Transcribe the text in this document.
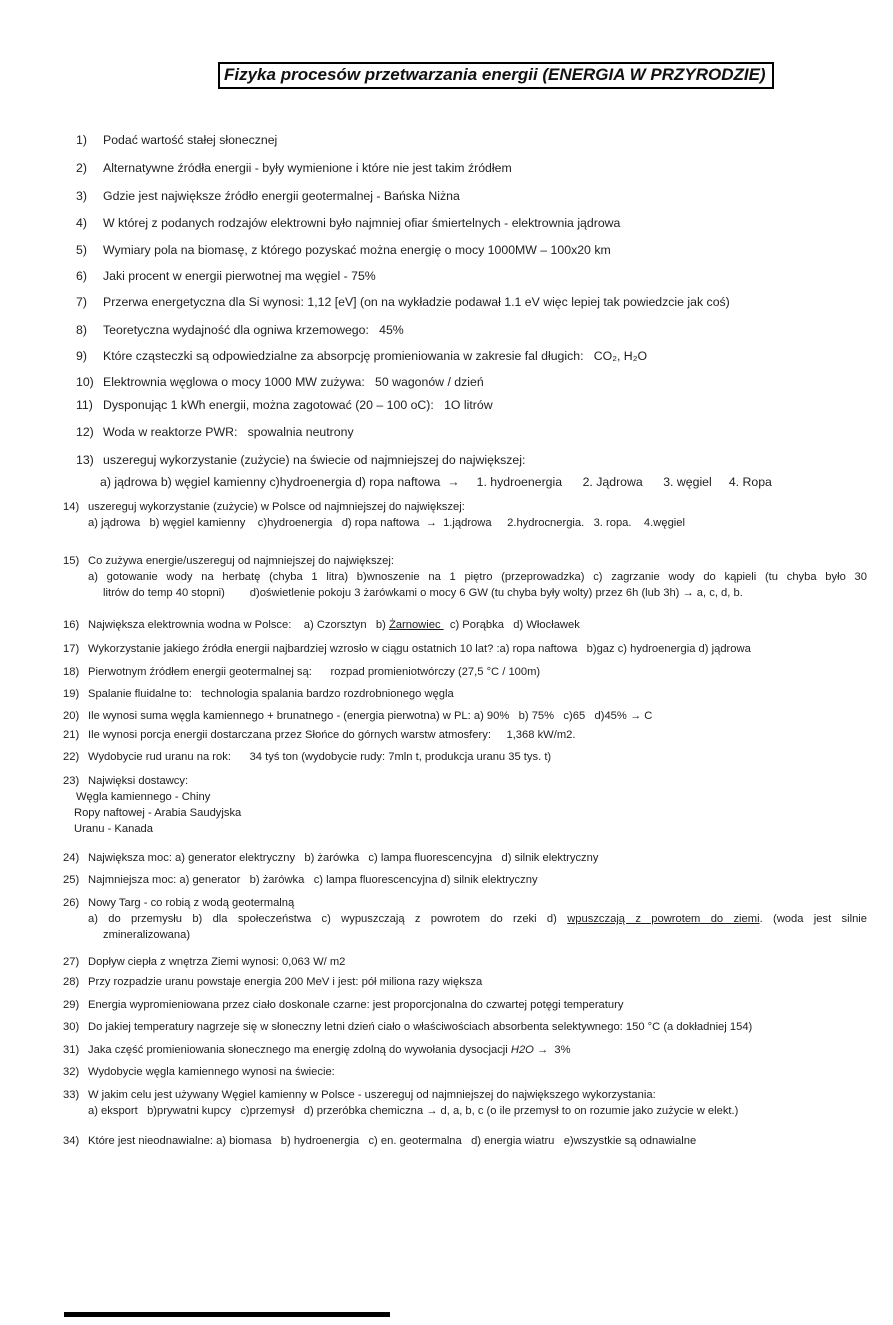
Fizyka procesów przetwarzania energii (ENERGIA W PRZYRODZIE)
1) Podać wartość stałej słonecznej
2) Alternatywne źródła energii - były wymienione i które nie jest takim źródłem
3) Gdzie jest największe źródło energii geotermalnej - Bańska Niżna
4) W której z podanych rodzajów elektrowni było najmniej ofiar śmiertelnych - elektrownia jądrowa
5) Wymiary pola na biomasę, z którego pozyskać można energię o mocy 1000MW – 100x20 km
6) Jaki procent w energii pierwotnej ma węgiel - 75%
7) Przerwa energetyczna dla Si wynosi: 1,12 [eV] (on na wykładzie podawał 1.1 eV więc lepiej tak powiedzcie jak coś)
8) Teoretyczna wydajność dla ogniwa krzemowego:   45%
9) Które cząsteczki są odpowiedzialne za absorpcję promieniowania w zakresie fal długich:   CO₂, H₂O
10) Elektrownia węglowa o mocy 1000 MW zużywa:   50 wagonów / dzień
11) Dysponując 1 kWh energii, można zagotować (20 – 100 oC):   1O litrów
12) Woda w reaktorze PWR:   spowalnia neutrony
13) uszereguj wykorzystanie (zużycie) na świecie od najmniejszej do największej:
a) jądrowa b) węgiel kamienny c)hydroenergia d) ropa naftowa  →     1. hydroenergia      2. Jądrowa      3. węgiel     4. Ropa
14) uszereguj wykorzystanie (zużycie) w Polsce od najmniejszej do największej:
a) jądrowa   b) węgiel kamienny    c)hydroenergia   d) ropa naftowa  →  1.jądrowa     2.hydrocnergia.   3. ropa.    4.węgiel
15) Co zużywa energie/uszereguj od najmniejszej do największej:
a) gotowanie wody na herbatę (chyba 1 litra) b)wnoszenie na 1 piętro (przeprowadzka) c) zagrzanie wody do kąpieli (tu chyba było 30
litrów do temp 40 stopni)        d)oświetlenie pokoju 3 żarówkami o mocy 6 GW (tu chyba były wolty) przez 6h (lub 3h) → a, c, d, b.
16) Największa elektrownia wodna w Polsce:    a) Czorsztyn   b) Żarnowiec   c) Porąbka   d) Włocławek
17) Wykorzystanie jakiego źródła energii najbardziej wzrosło w ciągu ostatnich 10 lat? :a) ropa naftowa   b)gaz c) hydroenergia d) jądrowa
18) Pierwotnym źródłem energii geotermalnej są:      rozpad promieniotwórczy (27,5 °C / 100m)
19) Spalanie fluidalne to:   technologia spalania bardzo rozdrobnionego węgla
20) Ile wynosi suma węgla kamiennego + brunatnego - (energia pierwotna) w PL: a) 90%   b) 75%   c)65   d)45% → C
21) Ile wynosi porcja energii dostarczana przez Słońce do górnych warstw atmosfery:     1,368 kW/m2.
22) Wydobycie rud uranu na rok:      34 tyś ton (wydobycie rudy: 7mln t, produkcja uranu 35 tys. t)
23) Najwięksi dostawcy:
Węgla kamiennego - Chiny
Ropy naftowej - Arabia Saudyjska
Uranu - Kanada
24) Największa moc: a) generator elektryczny   b) żarówka   c) lampa fluorescencyjna   d) silnik elektryczny
25) Najmniejsza moc: a) generator   b) żarówka   c) lampa fluorescencyjna d) silnik elektryczny
26) Nowy Targ - co robią z wodą geotermalną
a) do przemysłu b) dla społeczeństwa c) wypuszczają z powrotem do rzeki d) wpuszczają z powrotem do ziemi. (woda jest silnie
zmineralizowana)
27) Dopływ ciepła z wnętrza Ziemi wynosi: 0,063 W/ m2
28) Przy rozpadzie uranu powstaje energia 200 MeV i jest: pół miliona razy większa
29) Energia wypromieniowana przez ciało doskonale czarne: jest proporcjonalna do czwartej potęgi temperatury
30) Do jakiej temperatury nagrzeje się w słoneczny letni dzień ciało o właściwościach absorbenta selektywnego: 150 °C (a dokładniej 154)
31) Jaka część promieniowania słonecznego ma energię zdolną do wywołania dysocjacji H2O →  3%
32) Wydobycie węgla kamiennego wynosi na świecie:
33) W jakim celu jest używany Węgiel kamienny w Polsce - uszereguj od najmniejszej do największego wykorzystania:
a) eksport   b)prywatni kupcy   c)przemysł   d) przeróbka chemiczna → d, a, b, c (o ile przemysł to on rozumie jako zużycie w elekt.)
34) Które jest nieodnawialne: a) biomasa   b) hydroenergia   c) en. geotermalna   d) energia wiatru   e)wszystkie są odnawialne
